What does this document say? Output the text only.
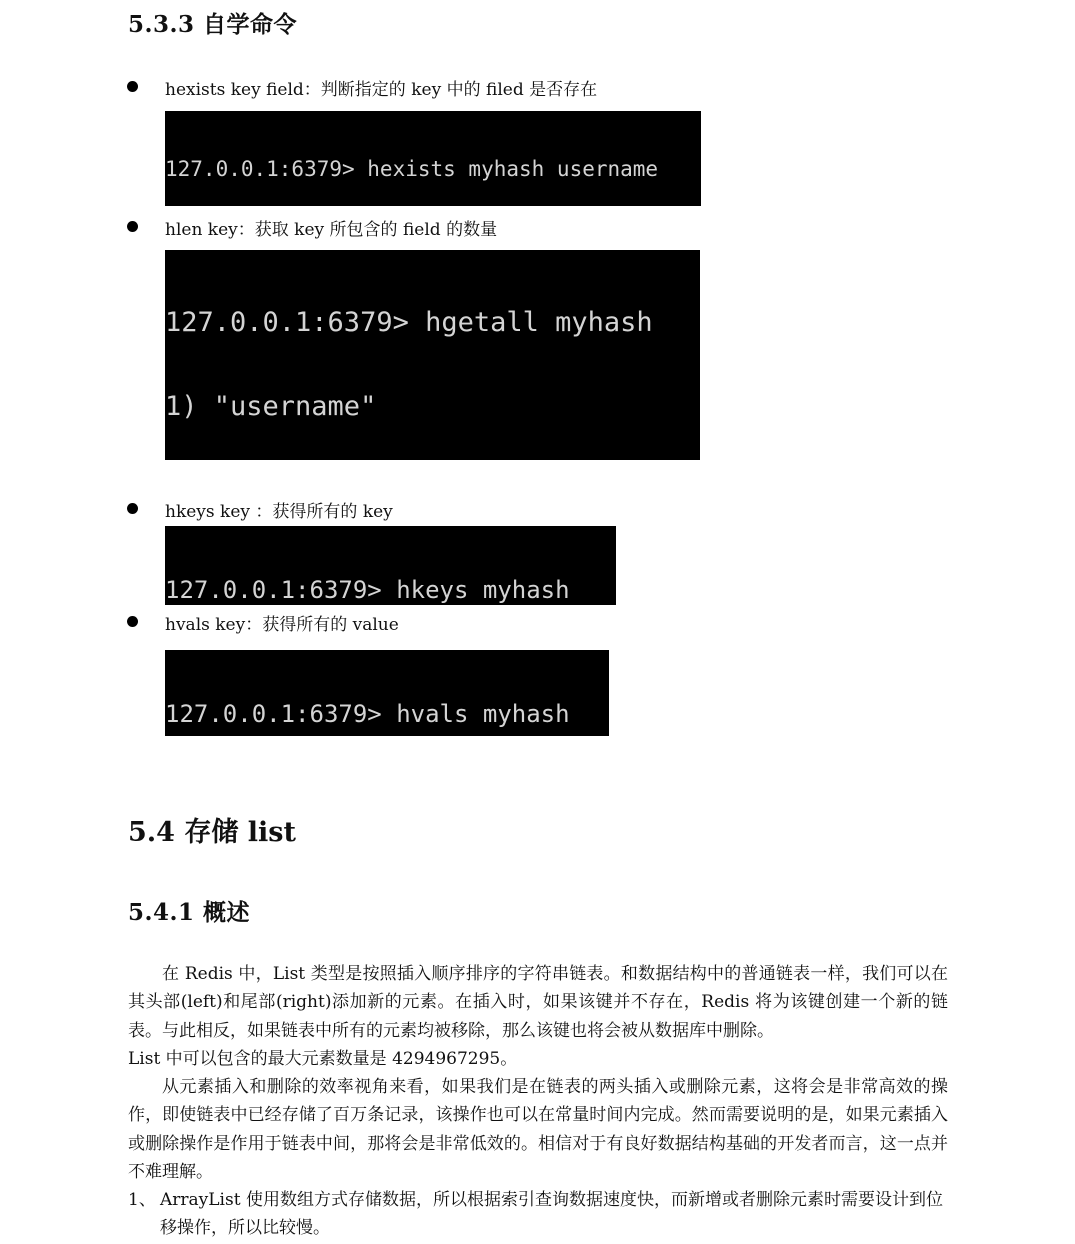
5.3.3 自学命令
hexists key field：判断指定的 key 中的 filed 是否存在

127.0.0.1:6379> hexists myhash username

hlen key：获取 key 所包含的 field 的数量

127.0.0.1:6379> hgetall myhash

1) "username"

hkeys key ：获得所有的 key

127.0.0.1:6379> hkeys myhash

hvals key：获得所有的 value

127.0.0.1:6379> hvals myhash

5.4 存储 list
5.4.1 概述

在 Redis 中，List 类型是按照插入顺序排序的字符串链表。和数据结构中的普通链表一样，我们可以在其头部(left)和尾部(right)添加新的元素。在插入时，如果该键并不存在，Redis 将为该键创建一个新的链表。与此相反，如果链表中所有的元素均被移除，那么该键也将会被从数据库中删除。

List 中可以包含的最大元素数量是 4294967295。

从元素插入和删除的效率视角来看，如果我们是在链表的两头插入或删除元素，这将会是非常高效的操作，即使链表中已经存储了百万条记录，该操作也可以在常量时间内完成。然而需要说明的是，如果元素插入或删除操作是作用于链表中间，那将会是非常低效的。相信对于有良好数据结构基础的开发者而言，这一点并不难理解。

1、 ArrayList 使用数组方式存储数据，所以根据索引查询数据速度快，而新增或者删除元素时需要设计到位移操作，所以比较慢。
